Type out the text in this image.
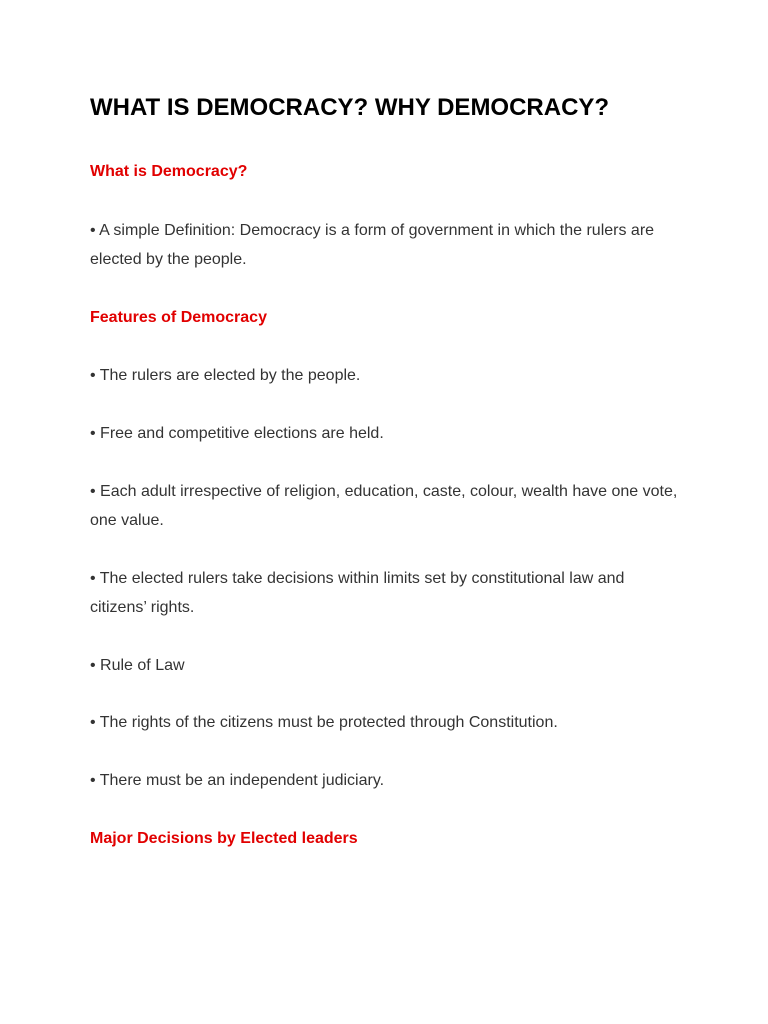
WHAT IS DEMOCRACY? WHY DEMOCRACY?
What is Democracy?

• A simple Definition: Democracy is a form of government in which the rulers are elected by the people.

Features of Democracy

• The rulers are elected by the people.

• Free and competitive elections are held.

• Each adult irrespective of religion, education, caste, colour, wealth have one vote, one value.

• The elected rulers take decisions within limits set by constitutional law and citizens’ rights.

• Rule of Law

• The rights of the citizens must be protected through Constitution.

• There must be an independent judiciary.

Major Decisions by Elected leaders
